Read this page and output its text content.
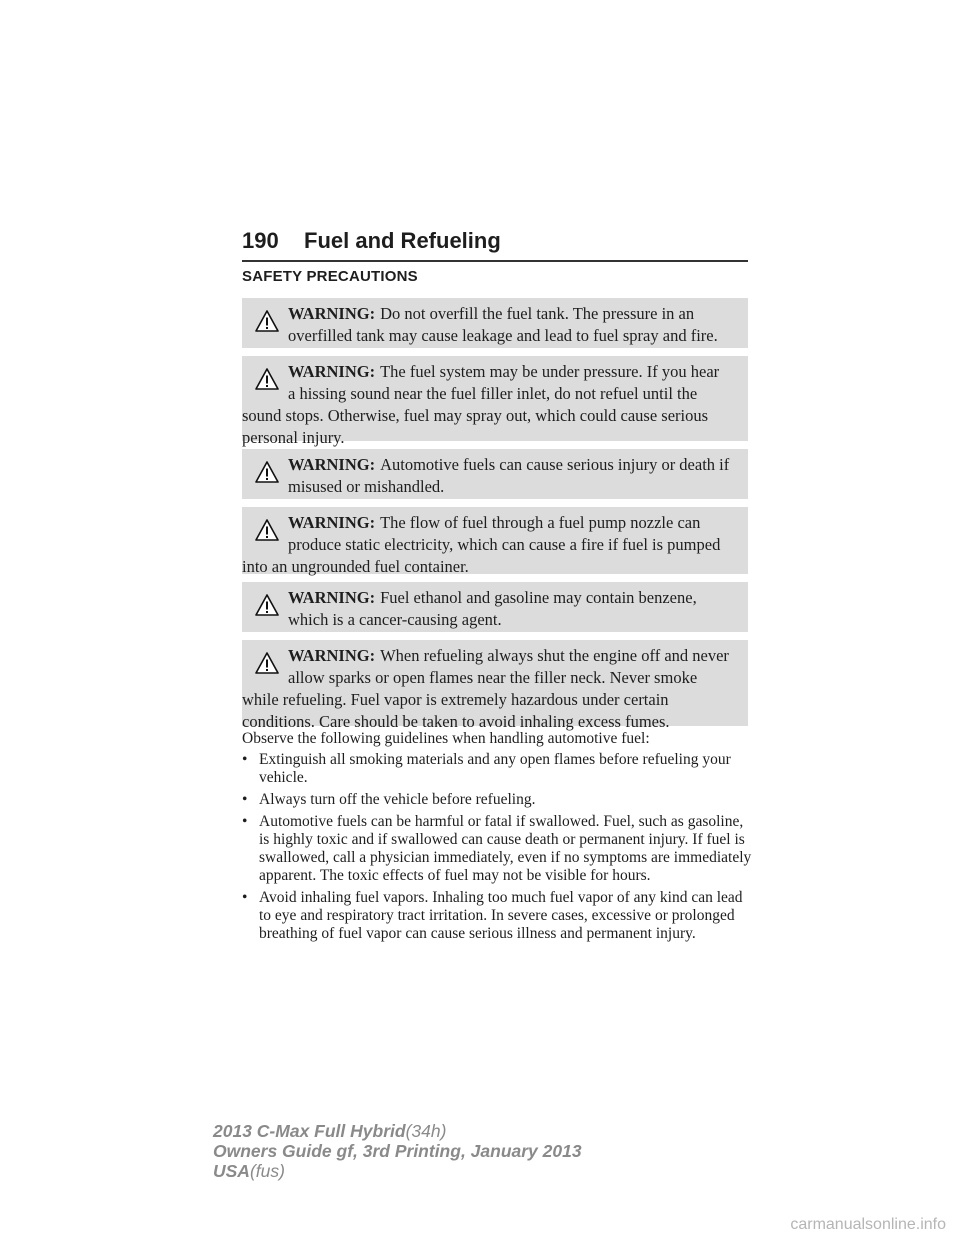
190 Fuel and Refueling
SAFETY PRECAUTIONS
WARNING: Do not overfill the fuel tank. The pressure in an
overfilled tank may cause leakage and lead to fuel spray and fire.
WARNING: The fuel system may be under pressure. If you hear
a hissing sound near the fuel filler inlet, do not refuel until the
sound stops. Otherwise, fuel may spray out, which could cause serious personal injury.
WARNING: Automotive fuels can cause serious injury or death if
misused or mishandled.
WARNING: The flow of fuel through a fuel pump nozzle can
produce static electricity, which can cause a fire if fuel is pumped
into an ungrounded fuel container.
WARNING: Fuel ethanol and gasoline may contain benzene,
which is a cancer-causing agent.
WARNING: When refueling always shut the engine off and never
allow sparks or open flames near the filler neck. Never smoke
while refueling. Fuel vapor is extremely hazardous under certain conditions. Care should be taken to avoid inhaling excess fumes.
Observe the following guidelines when handling automotive fuel:
• Extinguish all smoking materials and any open flames before refueling your vehicle.
• Always turn off the vehicle before refueling.
• Automotive fuels can be harmful or fatal if swallowed. Fuel, such as gasoline, is highly toxic and if swallowed can cause death or permanent injury. If fuel is swallowed, call a physician immediately, even if no symptoms are immediately apparent. The toxic effects of fuel may not be visible for hours.
• Avoid inhaling fuel vapors. Inhaling too much fuel vapor of any kind can lead to eye and respiratory tract irritation. In severe cases, excessive or prolonged breathing of fuel vapor can cause serious illness and permanent injury.
2013 C-Max Full Hybrid(34h)
Owners Guide gf, 3rd Printing, January 2013
USA(fus)
carmanualsonline.info
